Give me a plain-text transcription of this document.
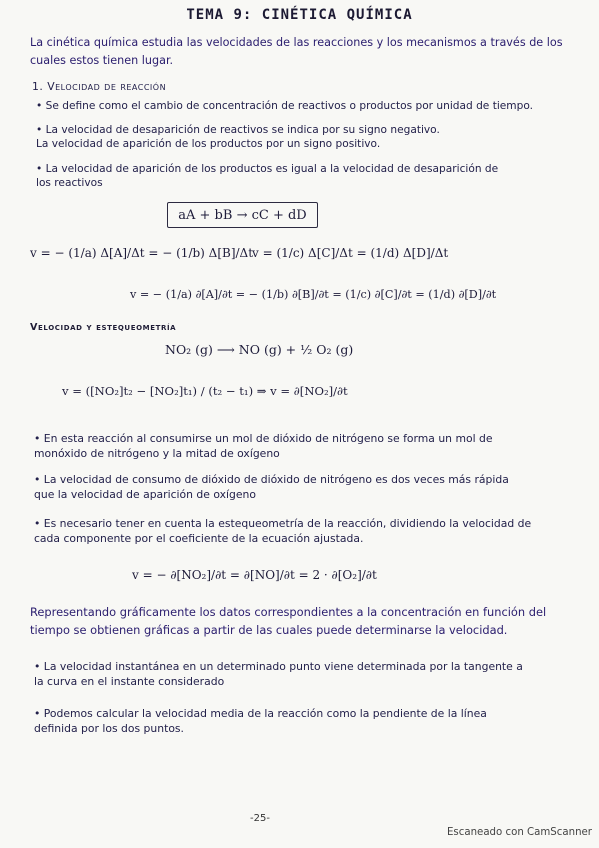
TEMA 9: CINÉTICA QUÍMICA
La cinética química estudia las velocidades de las reacciones y los mecanismos a través de los
cuales estos tienen lugar.
1. Velocidad de reacción
• Se define como el cambio de concentración de reactivos o productos por unidad de tiempo.
• La velocidad de desaparición de reactivos se indica por su signo negativo.
La velocidad de aparición de los productos por un signo positivo.
• La velocidad de aparición de los productos es igual a la velocidad de desaparición de
los reactivos
aA + bB → cC + dD
v = − (1/a) Δ[A]/Δt = − (1/b) Δ[B]/Δt
v = (1/c) Δ[C]/Δt = (1/d) Δ[D]/Δt
v = − (1/a) ∂[A]/∂t = − (1/b) ∂[B]/∂t = (1/c) ∂[C]/∂t = (1/d) ∂[D]/∂t
Velocidad y estequeometría
NO₂ (g) ⟶ NO (g) + ½ O₂ (g)
v = ([NO₂]t₂ − [NO₂]t₁) / (t₂ − t₁) ⇒ v = ∂[NO₂]/∂t
• En esta reacción al consumirse un mol de dióxido de nitrógeno se forma un mol de
monóxido de nitrógeno y la mitad de oxígeno
• La velocidad de consumo de dióxido de dióxido de nitrógeno es dos veces más rápida
que la velocidad de aparición de oxígeno
• Es necesario tener en cuenta la estequeometría de la reacción, dividiendo la velocidad de
cada componente por el coeficiente de la ecuación ajustada.
v = − ∂[NO₂]/∂t = ∂[NO]/∂t = 2 · ∂[O₂]/∂t
Representando gráficamente los datos correspondientes a la concentración en función del
tiempo se obtienen gráficas a partir de las cuales puede determinarse la velocidad.
• La velocidad instantánea en un determinado punto viene determinada por la tangente a
la curva en el instante considerado
• Podemos calcular la velocidad media de la reacción como la pendiente de la línea
definida por los dos puntos.
-25-
Escaneado con CamScanner
